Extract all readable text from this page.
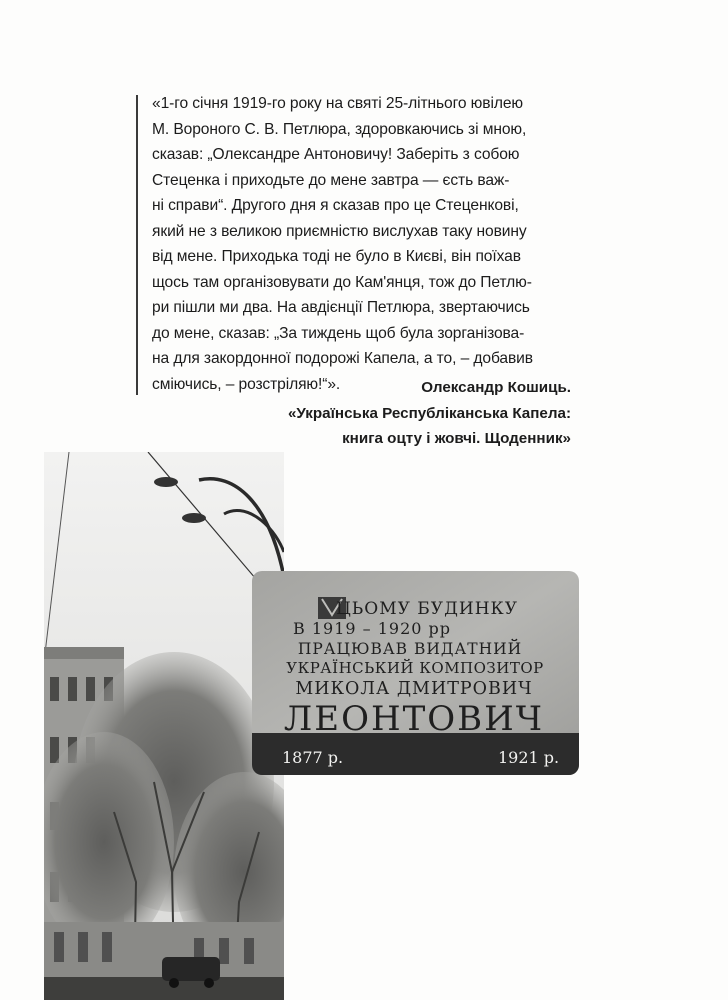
«1-го січня 1919-го року на святі 25-літнього ювілею
М. Вороного С. В. Петлюра, здоровкаючись зі мною,
сказав: „Олександре Антоновичу! Заберіть з собою
Стеценка і приходьте до мене завтра — єсть важ-
ні справи“. Другого дня я сказав про це Стеценкові,
який не з великою приємністю вислухав таку новину
від мене. Приходька тоді не було в Києві, він поїхав
щось там організовувати до Кам'янця, тож до Петлю-
ри пішли ми два. На авдієнції Петлюра, звертаючись
до мене, сказав: „За тиждень щоб була зорганізова-
на для закордонної подорожі Капела, а то, – добавив
сміючись, – розстріляю!“».	Олександр Кошиць.
«Українська Республіканська Капела:
книга оцту і жовчі. Щоденник»
ЦЬОМУ БУДИНКУ
В 1919 – 1920 рр
ПРАЦЮВАВ ВИДАТНИЙ
УКРАЇНСЬКИЙ КОМПОЗИТОР
МИКОЛА ДМИТРОВИЧ
ЛЕОНТОВИЧ
1877 р.	1921 р.
